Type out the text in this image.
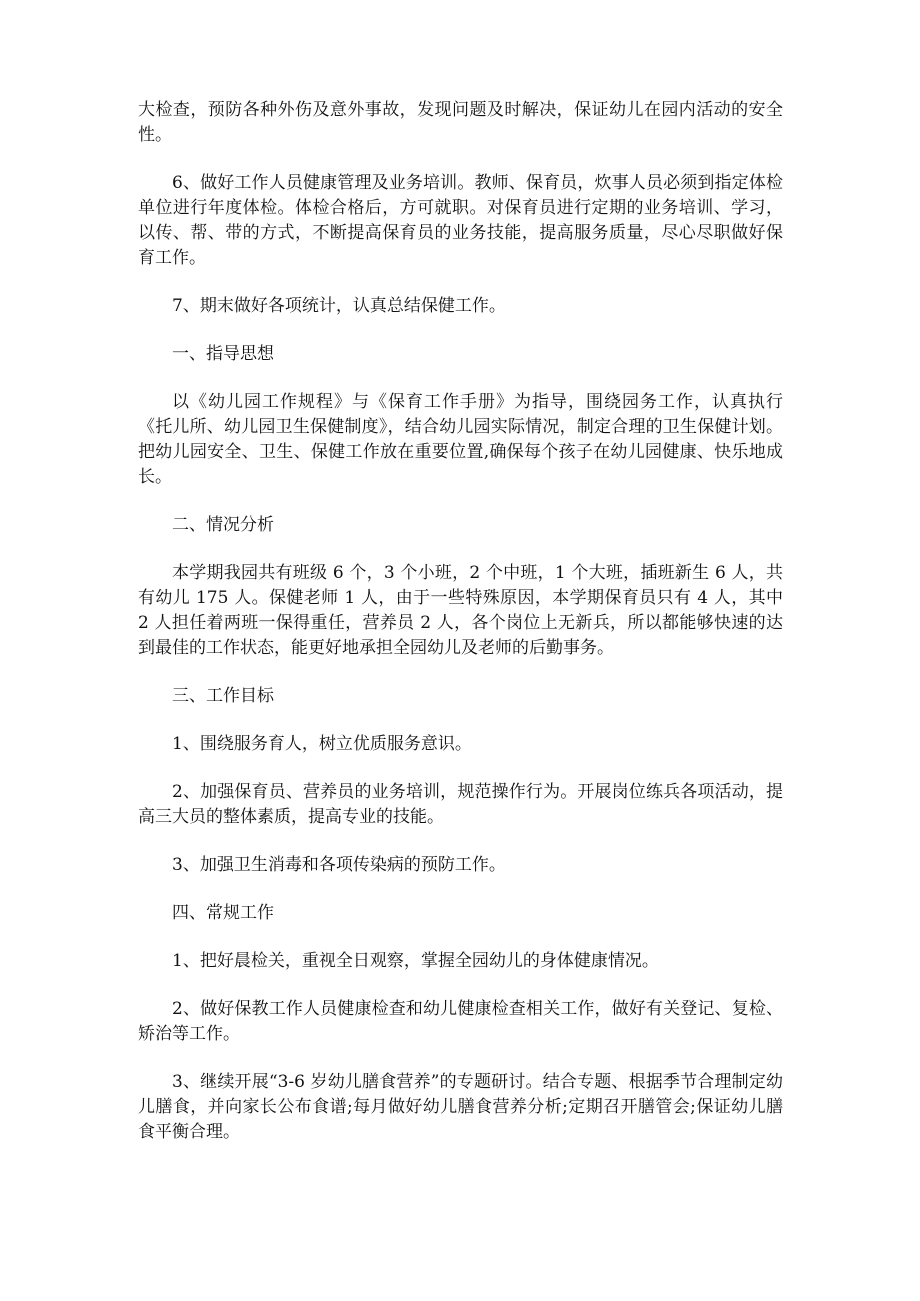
大检查，预防各种外伤及意外事故，发现问题及时解决，保证幼儿在园内活动的安全性。

6、做好工作人员健康管理及业务培训。教师、保育员，炊事人员必须到指定体检单位进行年度体检。体检合格后，方可就职。对保育员进行定期的业务培训、学习，以传、帮、带的方式，不断提高保育员的业务技能，提高服务质量，尽心尽职做好保育工作。

7、期末做好各项统计，认真总结保健工作。

一、指导思想

以《幼儿园工作规程》与《保育工作手册》为指导，围绕园务工作，认真执行《托儿所、幼儿园卫生保健制度》，结合幼儿园实际情况，制定合理的卫生保健计划。把幼儿园安全、卫生、保健工作放在重要位置,确保每个孩子在幼儿园健康、快乐地成长。

二、情况分析

本学期我园共有班级 6 个，3 个小班，2 个中班，1 个大班，插班新生 6 人，共有幼儿 175 人。保健老师 1 人，由于一些特殊原因，本学期保育员只有 4 人，其中 2 人担任着两班一保得重任，营养员 2 人，各个岗位上无新兵，所以都能够快速的达到最佳的工作状态，能更好地承担全园幼儿及老师的后勤事务。

三、工作目标

1、围绕服务育人，树立优质服务意识。

2、加强保育员、营养员的业务培训，规范操作行为。开展岗位练兵各项活动，提高三大员的整体素质，提高专业的技能。

3、加强卫生消毒和各项传染病的预防工作。

四、常规工作

1、把好晨检关，重视全日观察，掌握全园幼儿的身体健康情况。

2、做好保教工作人员健康检查和幼儿健康检查相关工作，做好有关登记、复检、矫治等工作。

3、继续开展“3-6 岁幼儿膳食营养”的专题研讨。结合专题、根据季节合理制定幼儿膳食，并向家长公布食谱;每月做好幼儿膳食营养分析;定期召开膳管会;保证幼儿膳食平衡合理。
